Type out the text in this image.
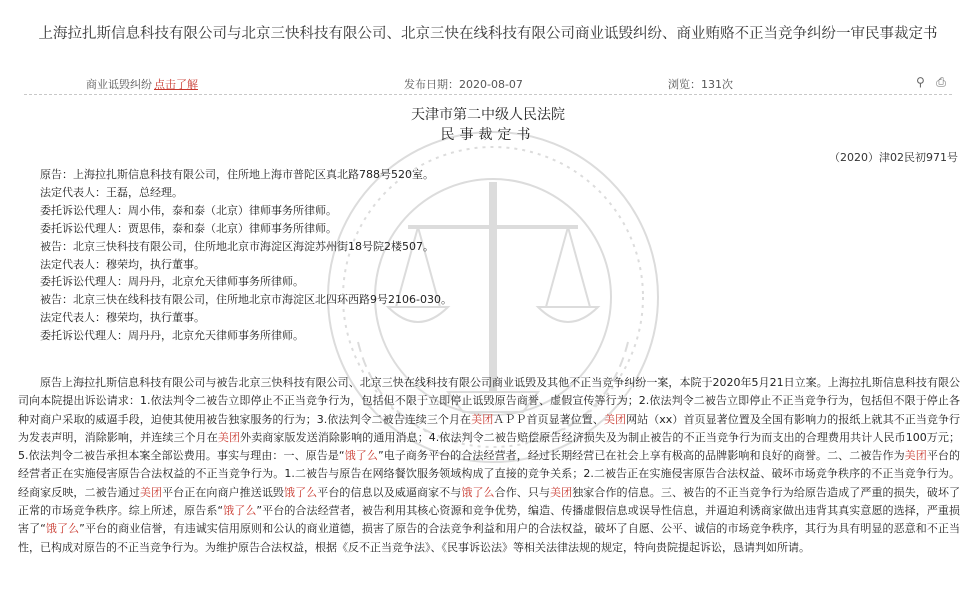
上海拉扎斯信息科技有限公司与北京三快科技有限公司、北京三快在线科技有限公司商业诋毁纠纷、商业贿赂不正当竞争纠纷一审民事裁定书
商业诋毁纠纷 点击了解	发布日期：2020-08-07	浏览：131次	⚲ ⎙
天津市第二中级人民法院
民事裁定书
（2020）津02民初971号
原告：上海拉扎斯信息科技有限公司，住所地上海市普陀区真北路788号520室。
法定代表人：王磊，总经理。
委托诉讼代理人：周小伟，泰和泰（北京）律师事务所律师。
委托诉讼代理人：贾思伟，泰和泰（北京）律师事务所律师。
被告：北京三快科技有限公司，住所地北京市海淀区海淀苏州街18号院2楼507。
法定代表人：穆荣均，执行董事。
委托诉讼代理人：周丹丹，北京允天律师事务所律师。
被告：北京三快在线科技有限公司，住所地北京市海淀区北四环西路9号2106-030。
法定代表人：穆荣均，执行董事。
委托诉讼代理人：周丹丹，北京允天律师事务所律师。
原告上海拉扎斯信息科技有限公司与被告北京三快科技有限公司、北京三快在线科技有限公司商业诋毁及其他不正当竞争纠纷一案，本院于2020年5月21日立案。上海拉扎斯信息科技有限公司向本院提出诉讼请求：1.依法判令二被告立即停止不正当竞争行为，包括但不限于立即停止诋毁原告商誉、虚假宣传等行为；2.依法判令二被告立即停止不正当竞争行为，包括但不限于停止各种对商户采取的威逼手段，迫使其使用被告独家服务的行为；3.依法判令二被告连续三个月在美团ＡＰＰ首页显著位置、美团网站（xx）首页显著位置及全国有影响力的报纸上就其不正当竞争行为发表声明，消除影响，并连续三个月在美团外卖商家版发送消除影响的通用消息；4.依法判令二被告赔偿原告经济损失及为制止被告的不正当竞争行为而支出的合理费用共计人民币100万元；5.依法判令二被告承担本案全部讼费用。事实与理由：一、原告是“饿了么”电子商务平台的合法经营者，经过长期经营已在社会上享有极高的品牌影响和良好的商誉。二、二被告作为美团平台的经营者正在实施侵害原告合法权益的不正当竞争行为。1.二被告与原告在网络餐饮服务领域构成了直接的竞争关系；2.二被告正在实施侵害原告合法权益、破坏市场竞争秩序的不正当竞争行为。经商家反映，二被告通过美团平台正在向商户推送诋毁饿了么平台的信息以及威逼商家不与饿了么合作、只与美团独家合作的信息。三、被告的不正当竞争行为给原告造成了严重的损失，破坏了正常的市场竞争秩序。综上所述，原告系“饿了么”平台的合法经营者，被告利用其核心资源和竞争优势，编造、传播虚假信息或误导性信息，并逼迫利诱商家做出违背其真实意愿的选择，严重损害了“饿了么”平台的商业信誉，有违诚实信用原则和公认的商业道德，损害了原告的合法竞争利益和用户的合法权益，破坏了自愿、公平、诚信的市场竞争秩序，其行为具有明显的恶意和不正当性，已构成对原告的不正当竞争行为。为维护原告合法权益，根据《反不正当竞争法》、《民事诉讼法》等相关法律法规的规定，特向贵院提起诉讼，恳请判如所请。
